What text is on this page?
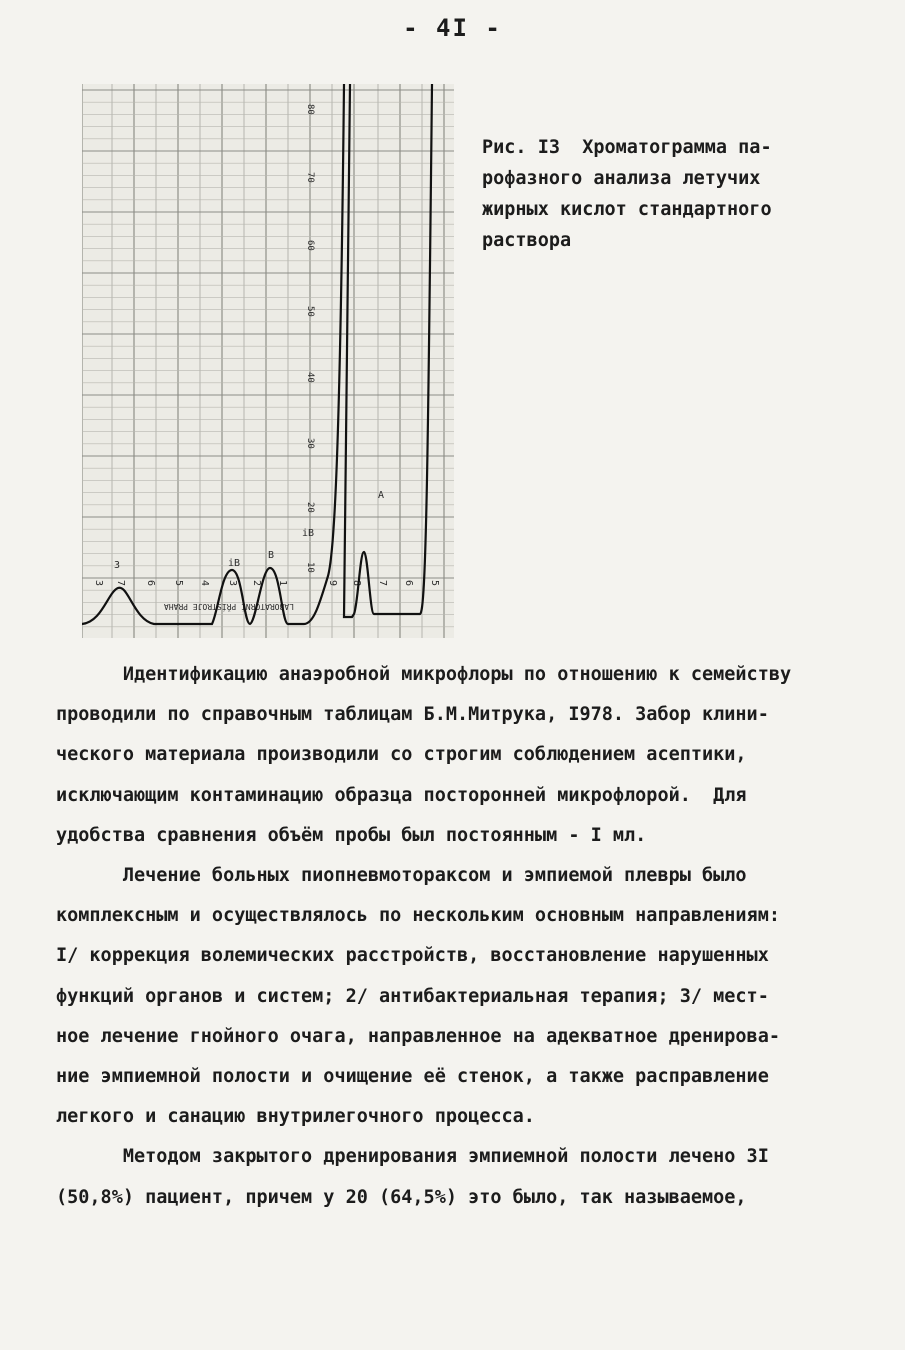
- 4I -
80
70
60
50
40
30
20
10
3	iB
B
iB
A
3 7 6 5 4 3 2 1	9 8 7 6 5
LABORATORNÍ PŘÍSTROJE PRAHA
Рис. I3  Хроматограмма па-
рофазного анализа летучих
жирных кислот стандартного
раствора
Идентификацию анаэробной микрофлоры по отношению к семейству
проводили по справочным таблицам Б.М.Митрука, I978. Забор клини-
ческого материала производили со строгим соблюдением асептики,
исключающим контаминацию образца посторонней микрофлорой.  Для
удобства сравнения объём пробы был постоянным - I мл.
Лечение больных пиопневмотораксом и эмпиемой плевры было
комплексным и осуществлялось по нескольким основным направлениям:
I/ коррекция волемических расстройств, восстановление нарушенных
функций органов и систем; 2/ антибактериальная терапия; 3/ мест-
ное лечение гнойного очага, направленное на адекватное дренирова-
ние эмпиемной полости и очищение её стенок, а также расправление
легкого и санацию внутрилегочного процесса.
Методом закрытого дренирования эмпиемной полости лечено 3I
(50,8%) пациент, причем у 20 (64,5%) это было, так называемое,
